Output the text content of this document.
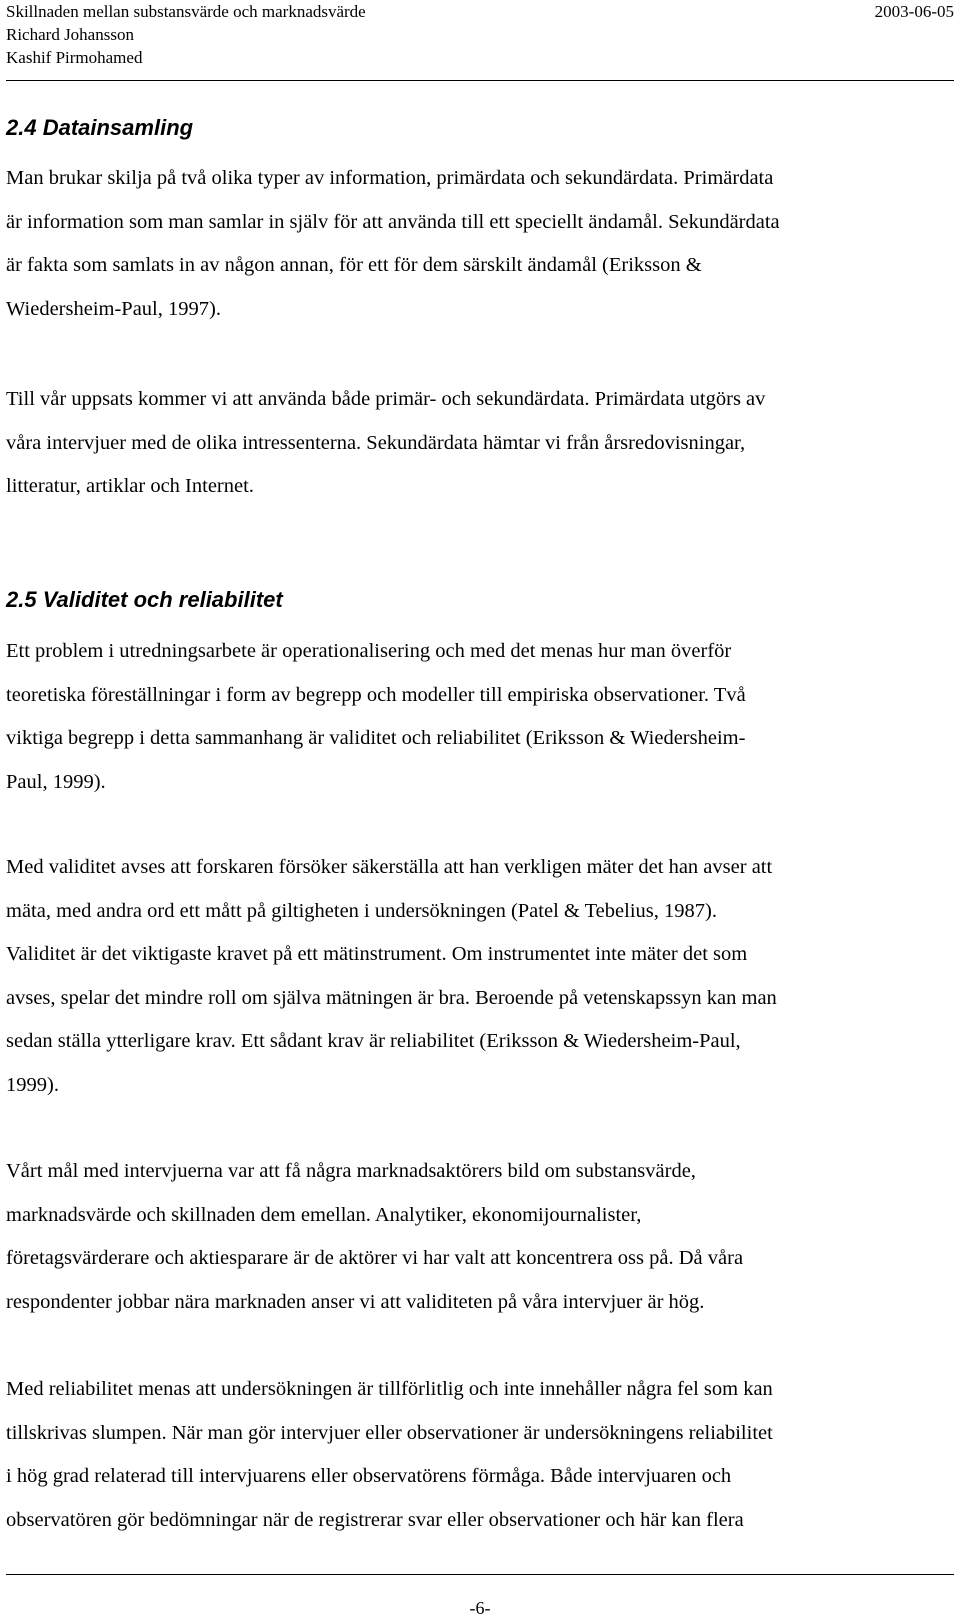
Skillnaden mellan substansvärde och marknadsvärde
Richard Johansson
Kashif Pirmohamed
2003-06-05
2.4 Datainsamling
Man brukar skilja på två olika typer av information, primärdata och sekundärdata. Primärdata
är information som man samlar in själv för att använda till ett speciellt ändamål. Sekundärdata
är fakta som samlats in av någon annan, för ett för dem särskilt ändamål (Eriksson &
Wiedersheim-Paul, 1997).
Till vår uppsats kommer vi att använda både primär- och sekundärdata. Primärdata utgörs av
våra intervjuer med de olika intressenterna. Sekundärdata hämtar vi från årsredovisningar,
litteratur, artiklar och Internet.
2.5 Validitet och reliabilitet
Ett problem i utredningsarbete är operationalisering och med det menas hur man överför
teoretiska föreställningar i form av begrepp och modeller till empiriska observationer. Två
viktiga begrepp i detta sammanhang är validitet och reliabilitet (Eriksson & Wiedersheim-
Paul, 1999).
Med validitet avses att forskaren försöker säkerställa att han verkligen mäter det han avser att
mäta, med andra ord ett mått på giltigheten i undersökningen (Patel & Tebelius, 1987).
Validitet är det viktigaste kravet på ett mätinstrument. Om instrumentet inte mäter det som
avses, spelar det mindre roll om själva mätningen är bra. Beroende på vetenskapssyn kan man
sedan ställa ytterligare krav. Ett sådant krav är reliabilitet (Eriksson & Wiedersheim-Paul,
1999).
Vårt mål med intervjuerna var att få några marknadsaktörers bild om substansvärde,
marknadsvärde och skillnaden dem emellan. Analytiker, ekonomijournalister,
företagsvärderare och aktiesparare är de aktörer vi har valt att koncentrera oss på. Då våra
respondenter jobbar nära marknaden anser vi att validiteten på våra intervjuer är hög.
Med reliabilitet menas att undersökningen är tillförlitlig och inte innehåller några fel som kan
tillskrivas slumpen. När man gör intervjuer eller observationer är undersökningens reliabilitet
i hög grad relaterad till intervjuarens eller observatörens förmåga. Både intervjuaren och
observatören gör bedömningar när de registrerar svar eller observationer och här kan flera
-6-
